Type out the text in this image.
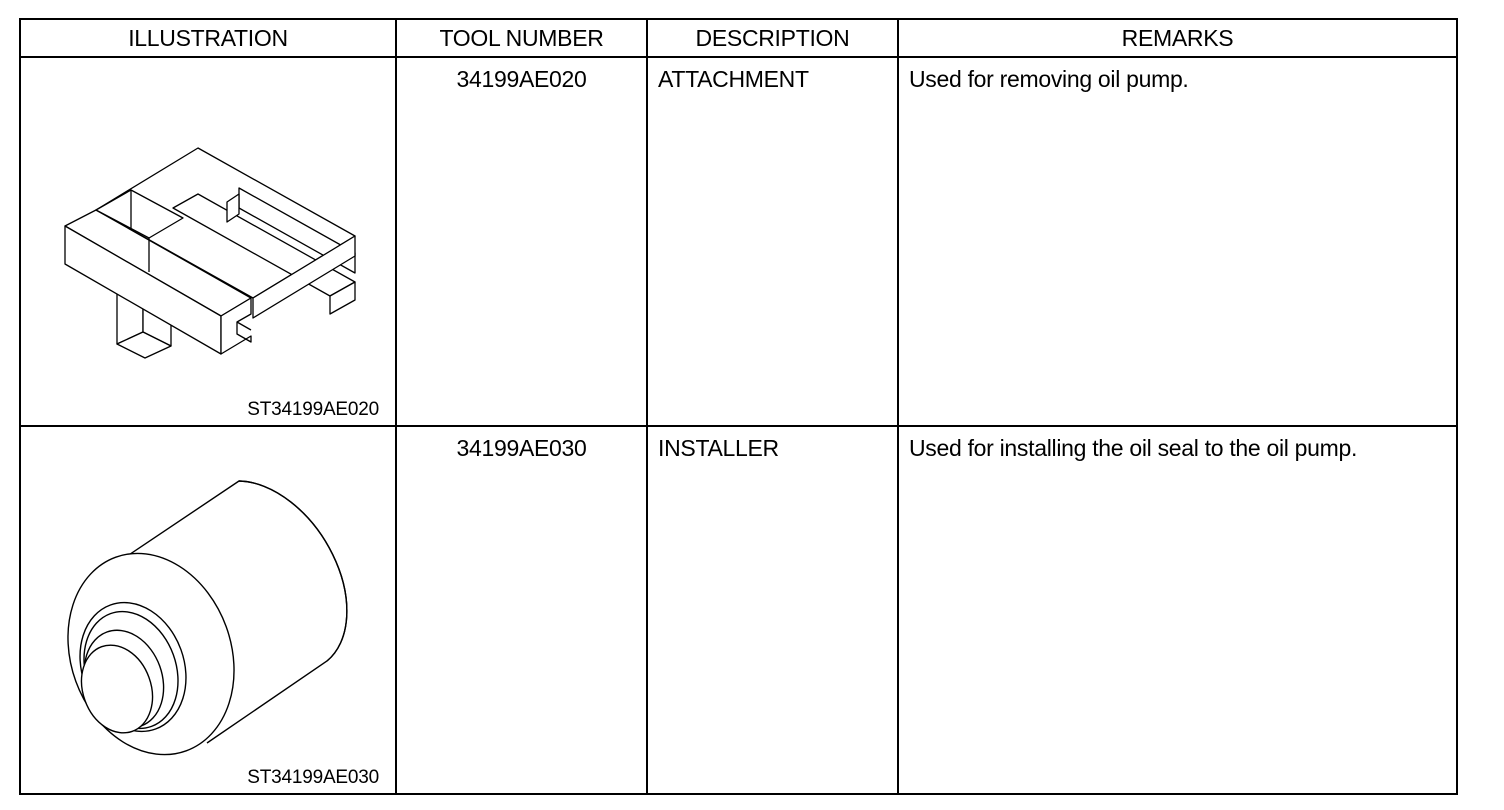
ILLUSTRATION	TOOL NUMBER	DESCRIPTION	REMARKS

ST34199AE020	34199AE020	ATTACHMENT	Used for removing oil pump.

ST34199AE030	34199AE030	INSTALLER	Used for installing the oil seal to the oil pump.
